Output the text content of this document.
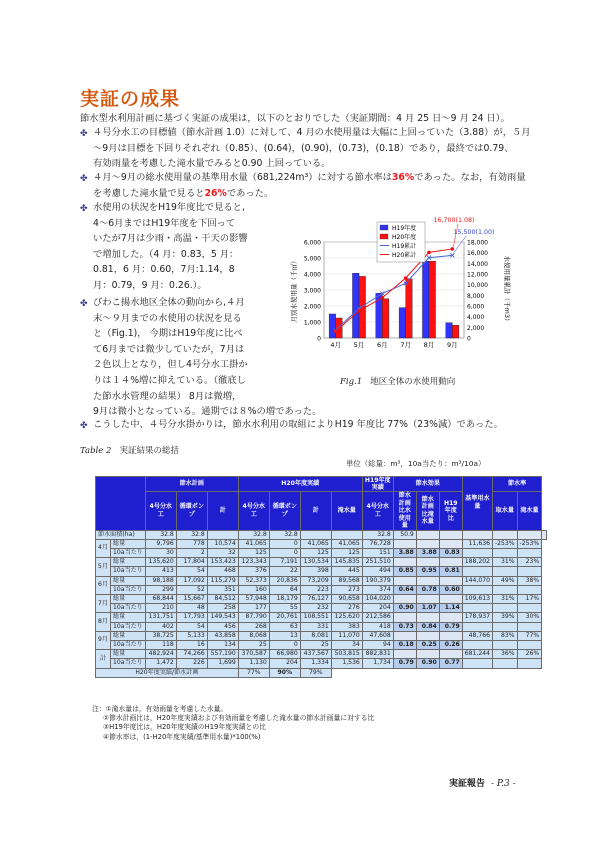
実証の成果
節水型水利用計画に基づく実証の成果は，以下のとおりでした（実証期間：4 月 25 日～9 月 24 日）。
✤ ４号分水工の目標値（節水計画 1.0）に対して、4 月の水使用量は大幅に上回っていた（3.88）が，５月
～9月は目標を下回りそれぞれ（0.85）、(0.64)，(0.90)，(0.73)，(0.18）であり，最終では0.79、
有効雨量を考慮した滝水量でみると0.90 上回っている。
✤ ４月～9月の総水使用量の基準用水量（681,224m³）に対する節水率は36%であった。なお，有効雨量
を考慮した滝水量で見ると26%であった。
✤ 水使用の状況をH19年度比で見ると,
4～6月まではH19年度を下回って
いたが7月は少雨・高温・干天の影響
で増加した。（4 月：0.83，5 月：
0.81，6 月：0.60，7月:1.14，8
月：0.79，9 月：0.26.）。
✤ びわこ揚水地区全体の動向から,４月
末～９月までの水使用の状況を見る
と（Fig.1)， 今期はH19年度に比べ
て6月までは微少していたが，7月は
２色以上となり，但し4号分水工掛か
りは１４%増に抑えている。（徹底し
た節水水管理の結果） 8月は微増，
9月は微小となっている。通期では８%の増であった。
✤ こうした中、４号分水掛かりは，節水水利用の取組によりH19 年度比 77%（23%減）であった。
0
1,000
2,000
3,000
4,000
5,000
6,000
0
2,000
4,000
6,000
8,000
10,000
12,000
14,000
16,000
18,000
月別水使用量（千㎥）	水使用量累計（千m3）
4月 5月 6月 7月 8月 9月
16,700(1.08)
15,500(1.00)
H19年度
H20年度
H19累計
H20累計
Fig.1 地区全体の水使用動向
Table 2 実証結果の総括
単位（総量：m³，10a当たり：m³/10a）
		節水計画			H20年度実績				H19年度実績	節水効果			基準用水量	節水率		
		4号分水工	循環ポンプ	計	4号分水工	循環ポンプ	計	滝水量	4号分水工	節水計画比水使用量	節水計画比滝水量	H19年度比		取水量	滝水量	
節水面積(ha)		32.8	32.8		32.8	32.8			32.8	50.9						
4月	総量	9,796	778	10,574	41,065	0	41,065	41,065	76,728				11,636	-253%	-253%	
	10a当たり	30	2	32	125	0	125	125	151	3.88	3.88	0.83				
5月	総量	135,620	17,804	153,423	123,343	7,191	130,534	145,835	251,510				188,202	31%	23%	
	10a当たり	413	54	468	376	22	398	445	494	0.85	0.95	0.81				
6月	総量	98,188	17,092	115,279	52,373	20,836	73,209	89,568	190,379				144,070	49%	38%	
	10a当たり	299	52	351	160	64	223	273	374	0.64	0.78	0.60				
7月	総量	68,844	15,667	84,512	57,948	18,179	76,127	90,658	104,020				109,613	31%	17%	
	10a当たり	210	48	258	177	55	232	276	204	0.90	1.07	1.14				
8月	総量	131,751	17,793	149,543	87,790	20,761	108,551	125,620	212,586				178,937	39%	30%	
	10a当たり	402	54	456	268	63	331	383	418	0.73	0.84	0.79				
9月	総量	38,725	5,133	43,858	8,068	13	8,081	11,070	47,608				48,766	83%	77%	
	10a当たり	118	16	134	25	0	25	34	94	0.18	0.25	0.26				
計	総量	482,924	74,266	557,190	370,587	66,980	437,567	503,815	882,831				681,244	36%	26%	
	10a当たり	1,472	226	1,699	1,130	204	1,334	1,536	1,734	0.79	0.90	0.77				
H20年度実績/節水計画					77%	90%	79%									
注：①滝水量は，有効雨量を考慮した水量。
②節水計画比は，H20年度実績および有効雨量を考慮した滝水量の節水計画量に対する比
③H19年度比は，H20年度実績のH19年度実績との比
④節水率は，(1-H20年度実績/基準用水量)*100(%)
実証報告 - P.3 -
